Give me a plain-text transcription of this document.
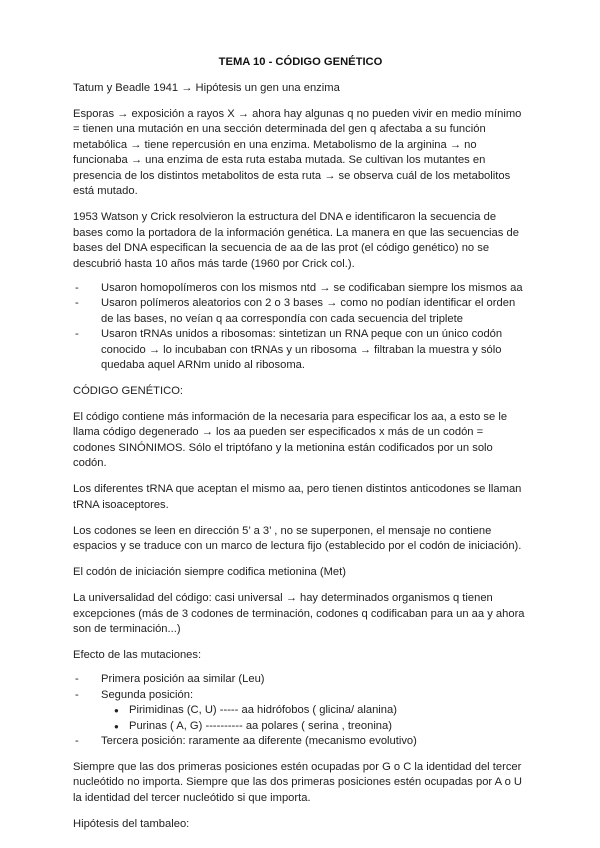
TEMA 10 - CÓDIGO GENÉTICO

Tatum y Beadle 1941 → Hipótesis un gen una enzima

Esporas → exposición a rayos X → ahora hay algunas q no pueden vivir en medio mínimo = tienen una mutación en una sección determinada del gen q afectaba a su función metabólica → tiene repercusión en una enzima. Metabolismo de la arginina → no funcionaba → una enzima de esta ruta estaba mutada. Se cultivan los mutantes en presencia de los distintos metabolitos de esta ruta → se observa cuál de los metabolitos está mutado.

1953 Watson y Crick resolvieron la estructura del DNA e identificaron la secuencia de bases como la portadora de la información genética. La manera en que las secuencias de bases del DNA especifican la secuencia de aa de las prot (el código genético) no se descubrió hasta 10 años más tarde (1960 por Crick col.).

- Usaron homopolímeros con los mismos ntd → se codificaban siempre los mismos aa
- Usaron polímeros aleatorios con 2 o 3 bases → como no podían identificar el orden de las bases, no veían q aa correspondía con cada secuencia del triplete
- Usaron tRNAs unidos a ribosomas: sintetizan un RNA peque con un único codón conocido → lo incubaban con tRNAs y un ribosoma → filtraban la muestra y sólo quedaba aquel ARNm unido al ribosoma.

CÓDIGO GENÉTICO:

El código contiene más información de la necesaria para especificar los aa, a esto se le llama código degenerado → los aa pueden ser especificados x más de un codón = codones SINÓNIMOS. Sólo el triptófano y la metionina están codificados por un solo codón.

Los diferentes tRNA que aceptan el mismo aa, pero tienen distintos anticodones se llaman tRNA isoaceptores.

Los codones se leen en dirección 5’ a 3’ , no se superponen, el mensaje no contiene espacios y se traduce con un marco de lectura fijo (establecido por el codón de iniciación).

El codón de iniciación siempre codifica metionina (Met)

La universalidad del código: casi universal → hay determinados organismos q tienen excepciones (más de 3 codones de terminación, codones q codificaban para un aa y ahora son de terminación...)

Efecto de las mutaciones:

- Primera posición aa similar (Leu)
- Segunda posición:
● Pirimidinas (C, U) ----- aa hidrófobos ( glicina/ alanina)
● Purinas ( A, G) ---------- aa polares ( serina , treonina)
- Tercera posición: raramente aa diferente (mecanismo evolutivo)

Siempre que las dos primeras posiciones estén ocupadas por G o C la identidad del tercer nucleótido no importa. Siempre que las dos primeras posiciones estén ocupadas por A o U la identidad del tercer nucleótido si que importa.

Hipótesis del tambaleo:
